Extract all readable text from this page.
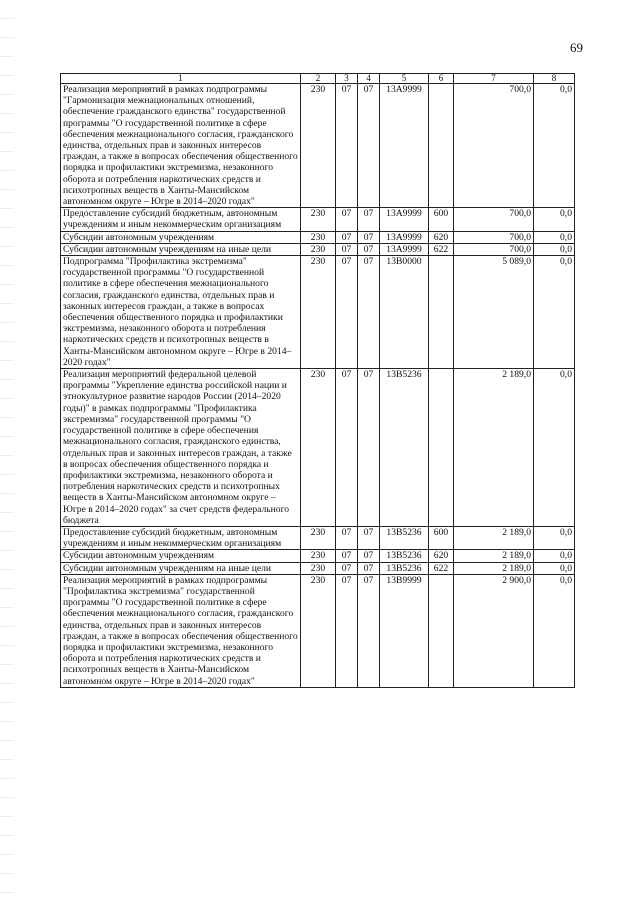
69
1	2	3	4	5	6	7	8
Реализация мероприятий в рамках подпрограммы "Гармонизация межнациональных отношений, обеспечение гражданского единства" государственной программы "О государственной политике в сфере обеспечения межнационального согласия, гражданского единства, отдельных прав и законных интересов граждан, а также в вопросах обеспечения общественного порядка и профилактики экстремизма, незаконного оборота и потребления наркотических средств и психотропных веществ в Ханты-Мансийском автономном округе – Югре в 2014–2020 годах"	230	07	07	13А9999		700,0	0,0
Предоставление субсидий бюджетным, автономным учреждениям и иным некоммерческим организациям	230	07	07	13А9999	600	700,0	0,0
Субсидии автономным учреждениям	230	07	07	13А9999	620	700,0	0,0
Субсидии автономным учреждениям на иные цели	230	07	07	13А9999	622	700,0	0,0
Подпрограмма "Профилактика экстремизма" государственной программы "О государственной политике в сфере обеспечения межнационального согласия, гражданского единства, отдельных прав и законных интересов граждан, а также в вопросах обеспечения общественного порядка и профилактики экстремизма, незаконного оборота и потребления наркотических средств и психотропных веществ в Ханты-Мансийском автономном округе – Югре в 2014–2020 годах"	230	07	07	13В0000		5 089,0	0,0
Реализация мероприятий федеральной целевой программы "Укрепление единства российской нации и этнокультурное развитие народов России (2014–2020 годы)" в рамках подпрограммы "Профилактика экстремизма" государственной программы "О государственной политике в сфере обеспечения межнационального согласия, гражданского единства, отдельных прав и законных интересов граждан, а также в вопросах обеспечения общественного порядка и профилактики экстремизма, незаконного оборота и потребления наркотических средств и психотропных веществ в Ханты-Мансийском автономном округе – Югре в 2014–2020 годах" за счет средств федерального бюджета	230	07	07	13В5236		2 189,0	0,0
Предоставление субсидий бюджетным, автономным учреждениям и иным некоммерческим организациям	230	07	07	13В5236	600	2 189,0	0,0
Субсидии автономным учреждениям	230	07	07	13В5236	620	2 189,0	0,0
Субсидии автономным учреждениям на иные цели	230	07	07	13В5236	622	2 189,0	0,0
Реализация мероприятий в рамках подпрограммы "Профилактика экстремизма" государственной программы "О государственной политике в сфере обеспечения межнационального согласия, гражданского единства, отдельных прав и законных интересов граждан, а также в вопросах обеспечения общественного порядка и профилактики экстремизма, незаконного оборота и потребления наркотических средств и психотропных веществ в Ханты-Мансийском автономном округе – Югре в 2014–2020 годах"	230	07	07	13В9999		2 900,0	0,0
